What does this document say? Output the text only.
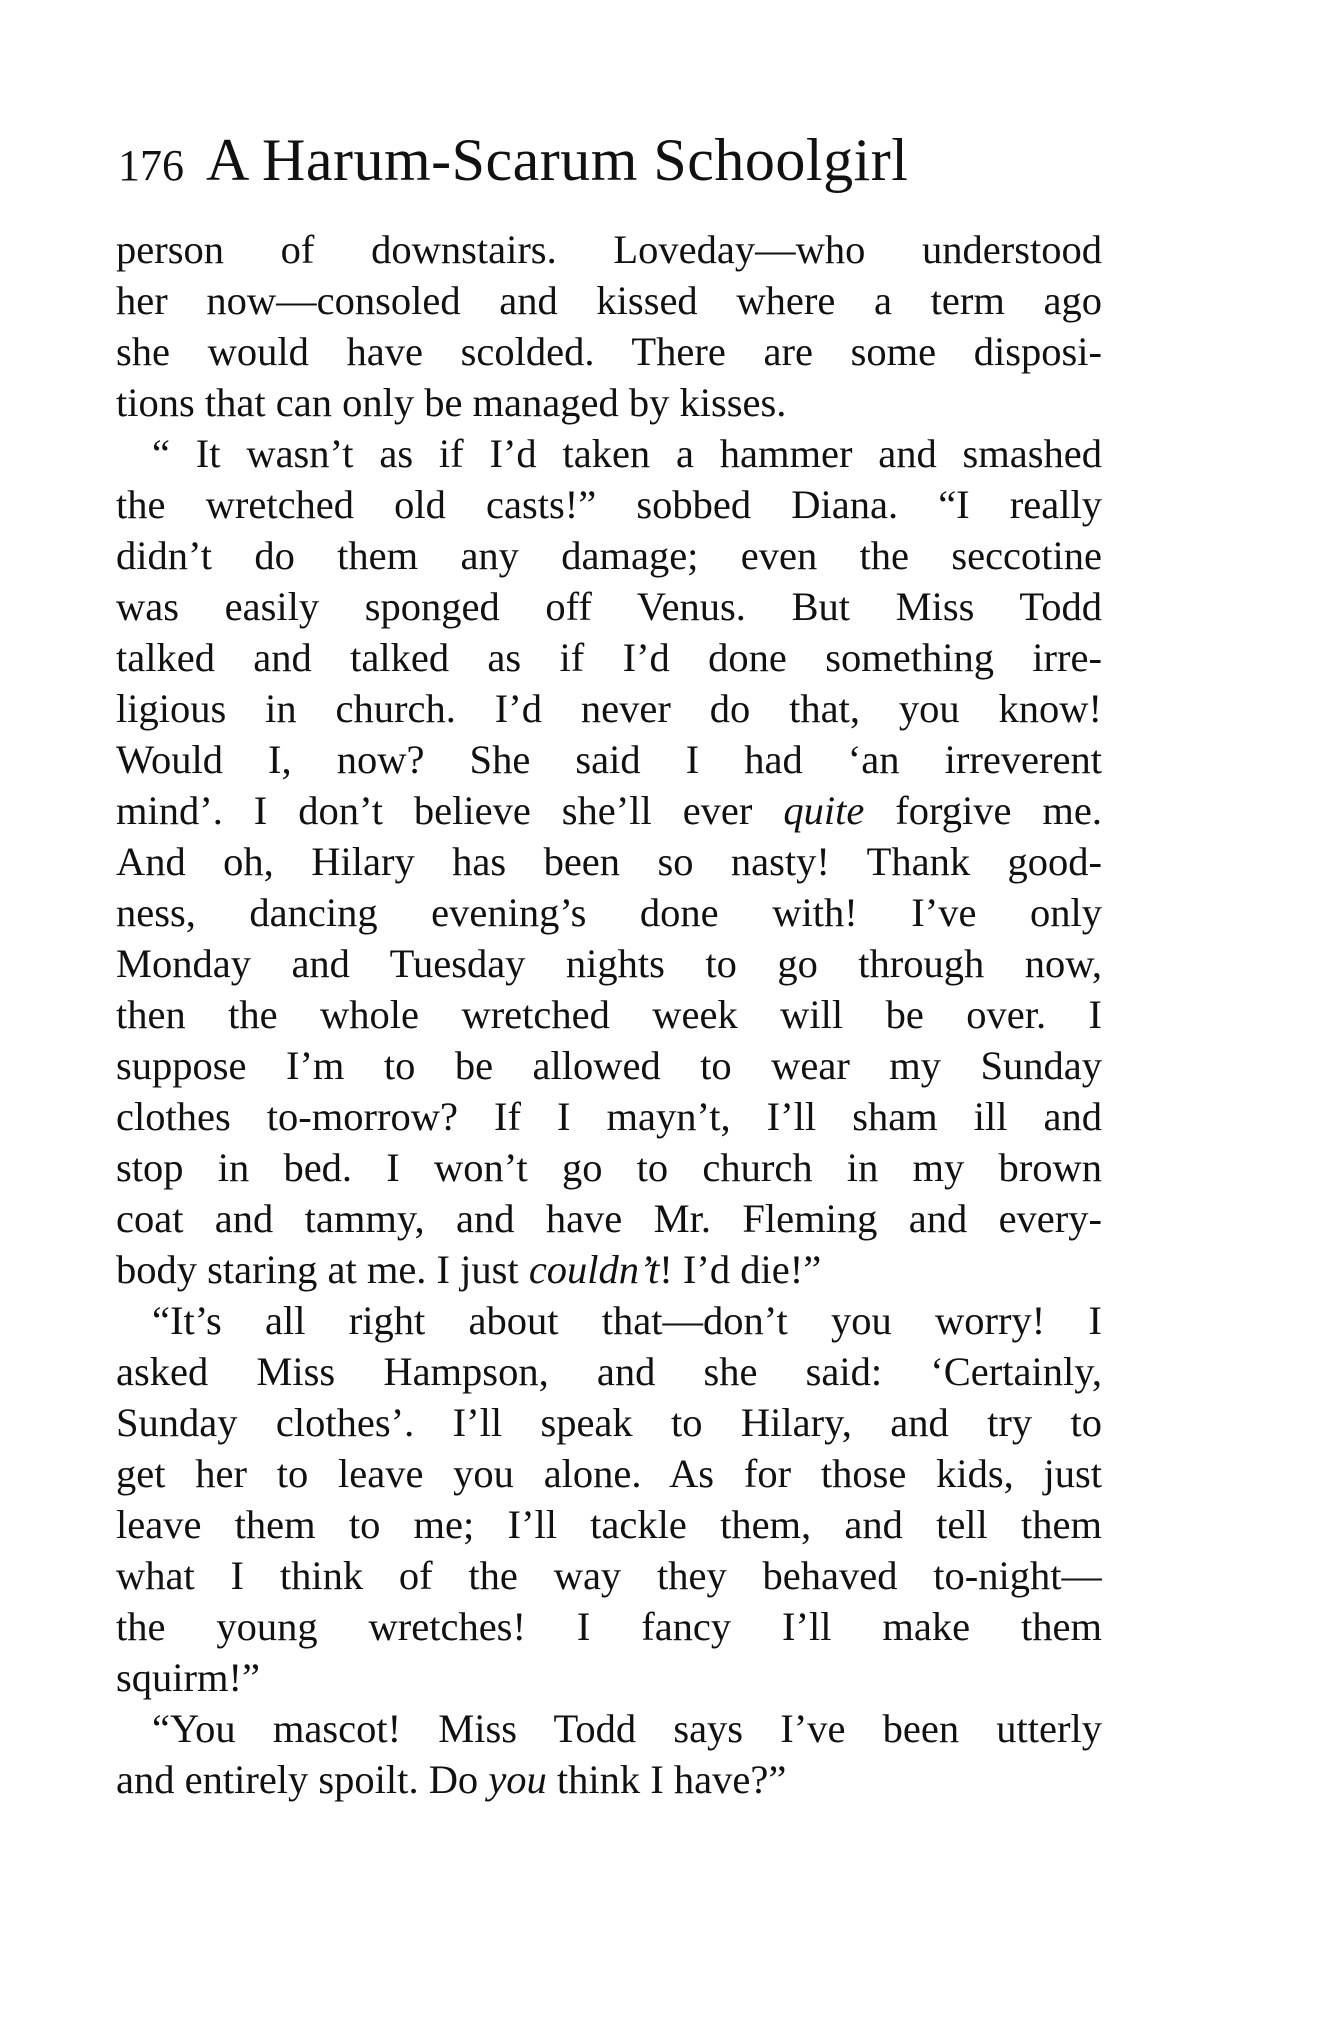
176 A Harum-Scarum Schoolgirl
person of downstairs. Loveday—who understood
her now—consoled and kissed where a term ago
she would have scolded. There are some disposi-
tions that can only be managed by kisses.
“ It wasn’t as if I’d taken a hammer and smashed
the wretched old casts!” sobbed Diana. “I really
didn’t do them any damage; even the seccotine
was easily sponged off Venus. But Miss Todd
talked and talked as if I’d done something irre-
ligious in church. I’d never do that, you know!
Would I, now? She said I had ‘an irreverent
mind’. I don’t believe she’ll ever quite forgive me.
And oh, Hilary has been so nasty! Thank good-
ness, dancing evening’s done with! I’ve only
Monday and Tuesday nights to go through now,
then the whole wretched week will be over. I
suppose I’m to be allowed to wear my Sunday
clothes to-morrow? If I mayn’t, I’ll sham ill and
stop in bed. I won’t go to church in my brown
coat and tammy, and have Mr. Fleming and every-
body staring at me. I just couldn’t! I’d die!”
“It’s all right about that—don’t you worry! I
asked Miss Hampson, and she said: ‘Certainly,
Sunday clothes’. I’ll speak to Hilary, and try to
get her to leave you alone. As for those kids, just
leave them to me; I’ll tackle them, and tell them
what I think of the way they behaved to-night—
the young wretches! I fancy I’ll make them
squirm!”
“You mascot! Miss Todd says I’ve been utterly
and entirely spoilt. Do you think I have?”
